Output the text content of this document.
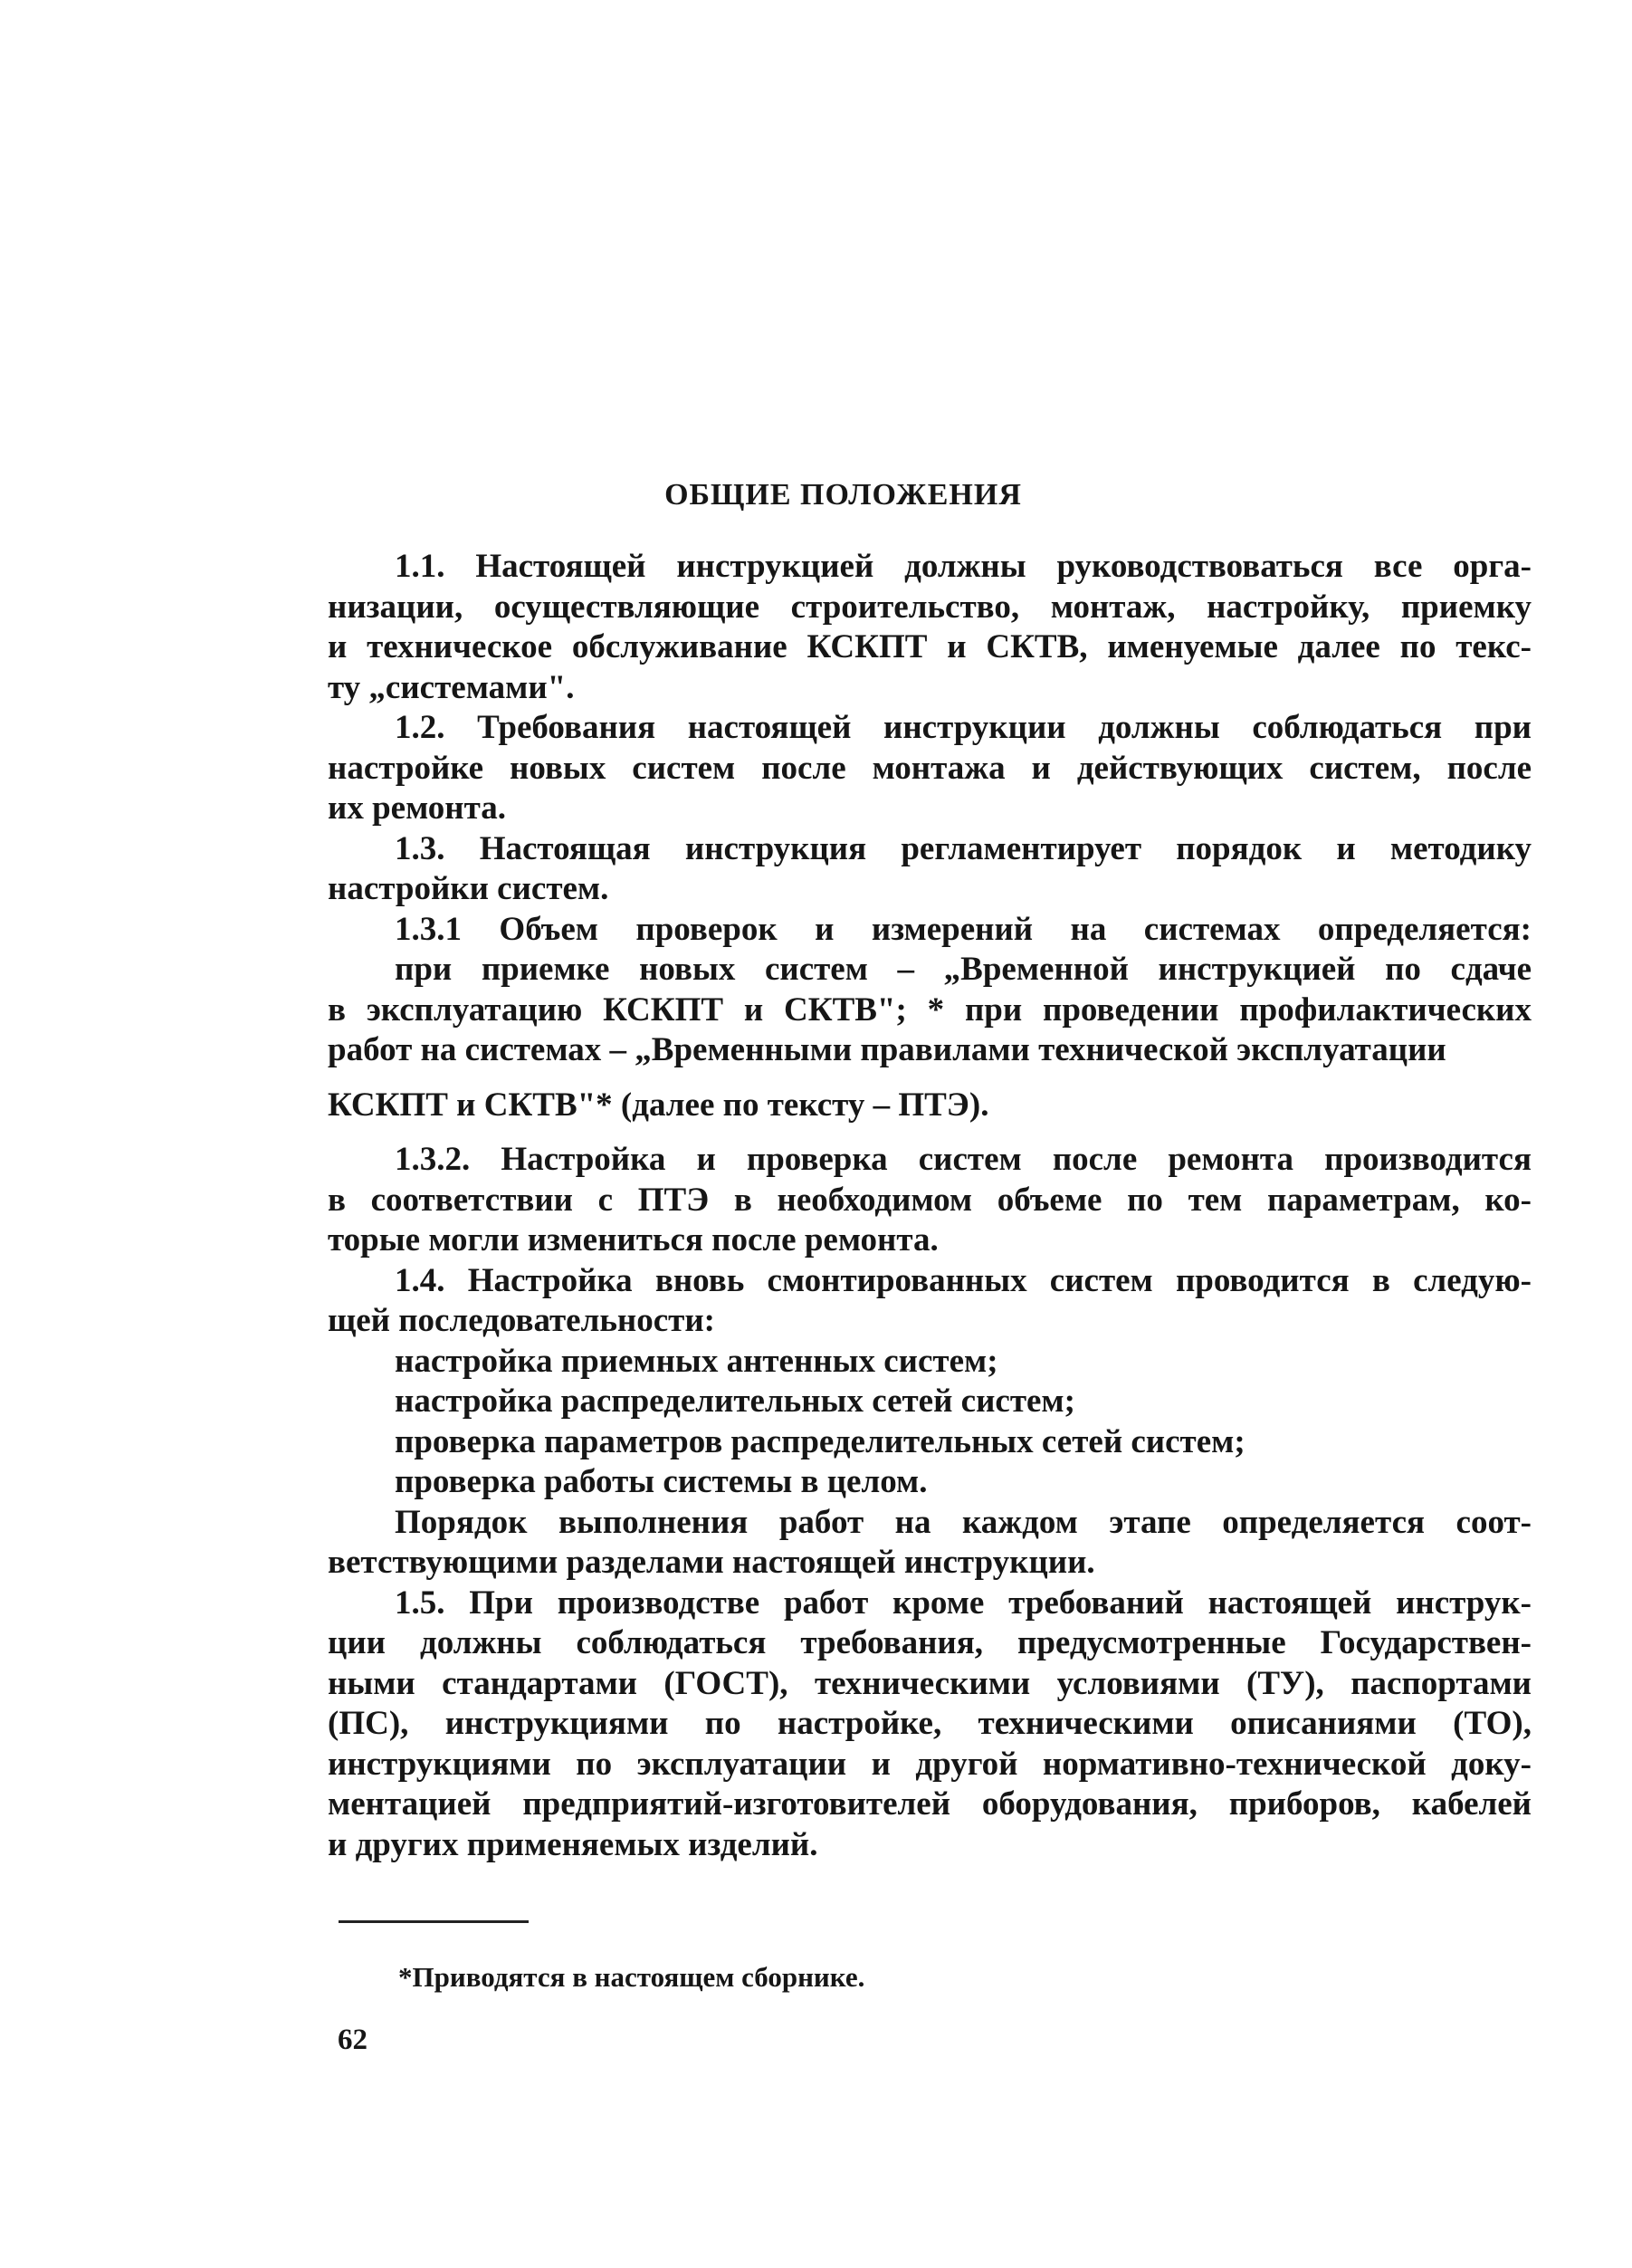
ОБЩИЕ ПОЛОЖЕНИЯ
1.1. Настоящей инструкцией должны руководствоваться все орга-
низации, осуществляющие строительство, монтаж, настройку, приемку
и техническое обслуживание КСКПТ и СКТВ, именуемые далее по текс-
ту „системами".
1.2. Требования настоящей инструкции должны соблюдаться при
настройке новых систем после монтажа и действующих систем, после
их ремонта.
1.3. Настоящая инструкция регламентирует порядок и методику
настройки систем.
1.3.1 Объем проверок и измерений на системах определяется:
при приемке новых систем – „Временной инструкцией по сдаче
в эксплуатацию КСКПТ и СКТВ"; * при проведении профилактических
работ на системах – „Временными правилами технической эксплуатации
КСКПТ и СКТВ"* (далее по тексту – ПТЭ).
1.3.2. Настройка и проверка систем после ремонта производится
в соответствии с ПТЭ в необходимом объеме по тем параметрам, ко-
торые могли измениться после ремонта.
1.4. Настройка вновь смонтированных систем проводится в следую-
щей последовательности:
настройка приемных антенных систем;
настройка распределительных сетей систем;
проверка параметров распределительных сетей систем;
проверка работы системы в целом.
Порядок выполнения работ на каждом этапе определяется соот-
ветствующими разделами настоящей инструкции.
1.5. При производстве работ кроме требований настоящей инструк-
ции должны соблюдаться требования, предусмотренные Государствен-
ными стандартами (ГОСТ), техническими условиями (ТУ), паспортами
(ПС), инструкциями по настройке, техническими описаниями (ТО),
инструкциями по эксплуатации и другой нормативно-технической доку-
ментацией предприятий-изготовителей оборудования, приборов, кабелей
и других применяемых изделий.
*Приводятся в настоящем сборнике.
62
